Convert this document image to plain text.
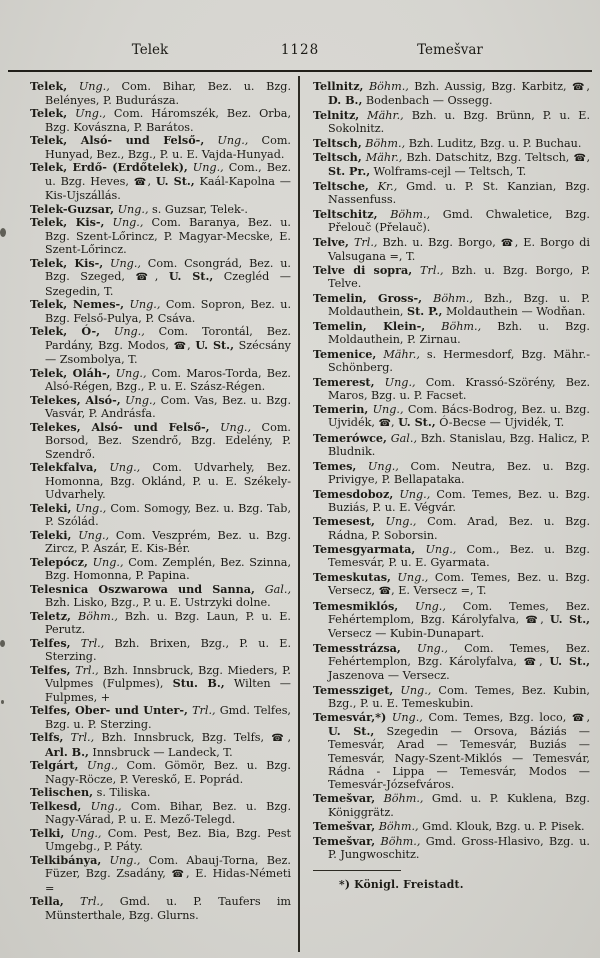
Telek	1128	Temešvar

Telek, Ung., Com. Bihar, Bez. u. Bzg. Belényes, P. Budurásza.

Telek, Ung., Com. Háromszék, Bez. Orba, Bzg. Kovászna, P. Barátos.

Telek, Alsó- und Felső-, Ung., Com. Hunyad, Bez., Bzg., P. u. E. Vajda-Hunyad.

Telek, Erdő- (Erdőtelek), Ung., Com., Bez. u. Bzg. Heves, ☎, U. St., Kaál-Kapolna — Kis-Ujszállás.

Telek-Guzsar, Ung., s. Guzsar, Telek-.

Telek, Kis-, Ung., Com. Baranya, Bez. u. Bzg. Szent-Lőrincz, P. Magyar-Mecske, E. Szent-Lőrincz.

Telek, Kis-, Ung., Com. Csongrád, Bez. u. Bzg. Szeged, ☎, U. St., Czegléd — Szegedin, T.

Telek, Nemes-, Ung., Com. Sopron, Bez. u. Bzg. Felső-Pulya, P. Csáva.

Telek, Ó-, Ung., Com. Torontál, Bez. Pardány, Bzg. Modos, ☎, U. St., Szécsány — Zsombolya, T.

Telek, Oláh-, Ung., Com. Maros-Torda, Bez. Alsó-Régen, Bzg., P. u. E. Szász-Régen.

Telekes, Alsó-, Ung., Com. Vas, Bez. u. Bzg. Vasvár, P. Andrásfa.

Telekes, Alsó- und Felső-, Ung., Com. Borsod, Bez. Szendrő, Bzg. Edelény, P. Szendrő.

Telekfalva, Ung., Com. Udvarhely, Bez. Homonna, Bzg. Oklánd, P. u. E. Székely-Udvarhely.

Teleki, Ung., Com. Somogy, Bez. u. Bzg. Tab, P. Szólád.

Teleki, Ung., Com. Veszprém, Bez. u. Bzg. Zircz, P. Aszár, E. Kis-Bér.

Telepócz, Ung., Com. Zemplén, Bez. Szinna, Bzg. Homonna, P. Papina.

Telesnica Oszwarowa und Sanna, Gal., Bzh. Lisko, Bzg., P. u. E. Ustrzyki dolne.

Teletz, Böhm., Bzh. u. Bzg. Laun, P. u. E. Perutz.

Telfes, Trl., Bzh. Brixen, Bzg., P. u. E. Sterzing.

Telfes, Trl., Bzh. Innsbruck, Bzg. Mieders, P. Vulpmes (Fulpmes), Stu. B., Wilten — Fulpmes, +

Telfes, Ober- und Unter-, Trl., Gmd. Telfes, Bzg. u. P. Sterzing.

Telfs, Trl., Bzh. Innsbruck, Bzg. Telfs, ☎, Arl. B., Innsbruck — Landeck, T.

Telgárt, Ung., Com. Gömör, Bez. u. Bzg. Nagy-Röcze, P. Vereskő, E. Poprád.

Telischen, s. Tiliska.

Telkesd, Ung., Com. Bihar, Bez. u. Bzg. Nagy-Várad, P. u. E. Mező-Telegd.

Telki, Ung., Com. Pest, Bez. Bia, Bzg. Pest Umgebg., P. Páty.

Telkibánya, Ung., Com. Abauj-Torna, Bez. Füzer, Bzg. Zsadány, ☎, E. Hidas-Németi =

Tella, Trl., Gmd. u. P. Taufers im Münsterthale, Bzg. Glurns.

Tellnitz, Böhm., Bzh. Aussig, Bzg. Karbitz, ☎, D. B., Bodenbach — Ossegg.

Telnitz, Mähr., Bzh. u. Bzg. Brünn, P. u. E. Sokolnitz.

Teltsch, Böhm., Bzh. Luditz, Bzg. u. P. Buchau.

Teltsch, Mähr., Bzh. Datschitz, Bzg. Teltsch, ☎, St. Pr., Wolframs-cejl — Teltsch, T.

Teltsche, Kr., Gmd. u. P. St. Kanzian, Bzg. Nassenfuss.

Teltschitz, Böhm., Gmd. Chwaletice, Bzg. Přelouč (Přelauč).

Telve, Trl., Bzh. u. Bzg. Borgo, ☎, E. Borgo di Valsugana =, T.

Telve di sopra, Trl., Bzh. u. Bzg. Borgo, P. Telve.

Temelin, Gross-, Böhm., Bzh., Bzg. u. P. Moldauthein, St. P., Moldauthein — Wodňan.

Temelin, Klein-, Böhm., Bzh. u. Bzg. Moldauthein, P. Zirnau.

Temenice, Mähr., s. Hermesdorf, Bzg. Mähr.-Schönberg.

Temerest, Ung., Com. Krassó-Szörény, Bez. Maros, Bzg. u. P. Facset.

Temerin, Ung., Com. Bács-Bodrog, Bez. u. Bzg. Ujvidék, ☎, U. St., Ó-Becse — Ujvidék, T.

Temerówce, Gal., Bzh. Stanislau, Bzg. Halicz, P. Bludnik.

Temes, Ung., Com. Neutra, Bez. u. Bzg. Privigye, P. Bellapataka.

Temesdoboz, Ung., Com. Temes, Bez. u. Bzg. Buziás, P. u. E. Végvár.

Temesest, Ung., Com. Arad, Bez. u. Bzg. Rádna, P. Soborsin.

Temesgyarmata, Ung., Com., Bez. u. Bzg. Temesvár, P. u. E. Gyarmata.

Temeskutas, Ung., Com. Temes, Bez. u. Bzg. Versecz, ☎, E. Versecz =, T.

Temesmiklós, Ung., Com. Temes, Bez. Fehértemplom, Bzg. Károlyfalva, ☎, U. St., Versecz — Kubin-Dunapart.

Temesstrázsa, Ung., Com. Temes, Bez. Fehértemplon, Bzg. Károlyfalva, ☎, U. St., Jaszenova — Versecz.

Temessziget, Ung., Com. Temes, Bez. Kubin, Bzg., P. u. E. Temeskubin.

Temesvár,*) Ung., Com. Temes, Bzg. loco, ☎, U. St., Szegedin — Orsova, Báziás — Temesvár, Arad — Temesvár, Buziás — Temesvár, Nagy-Szent-Miklós — Temesvár, Rádna - Lippa — Temesvár, Modos — Temesvár-Józsefváros.

Temešvar, Böhm., Gmd. u. P. Kuklena, Bzg. Königgrätz.

Temešvar, Böhm., Gmd. Klouk, Bzg. u. P. Pisek.

Temešvar, Böhm., Gmd. Gross-Hlasivo, Bzg. u. P. Jungwoschitz.

*) Königl. Freistadt.
